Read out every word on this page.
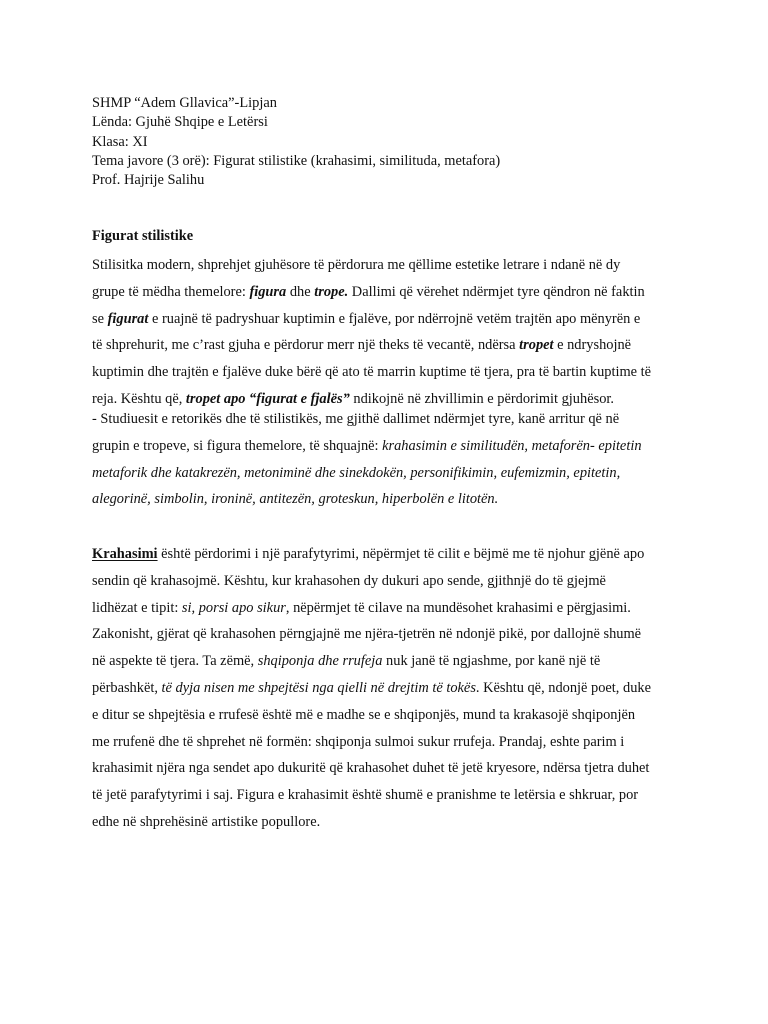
SHMP “Adem Gllavica”-Lipjan
Lënda: Gjuhë Shqipe e Letërsi
Klasa: XI
Tema javore (3 orë): Figurat stilistike (krahasimi, similituda, metafora)
Prof. Hajrije Salihu
Figurat stilistike
Stilisitka modern, shprehjet gjuhësore të përdorura me qëllime estetike letrare i ndanë në dy
grupe të mëdha themelore: figura dhe trope. Dallimi që vërehet ndërmjet tyre qëndron në faktin
se figurat e ruajnë të padryshuar kuptimin e fjalëve, por ndërrojnë vetëm trajtën apo mënyrën e
të shprehurit, me c’rast gjuha e përdorur merr një theks të vecantë, ndërsa tropet e ndryshojnë
kuptimin dhe trajtën e fjalëve duke bërë që ato të marrin kuptime të tjera, pra të bartin kuptime të
reja. Kështu që, tropet apo “figurat e fjalës” ndikojnë në zhvillimin e përdorimit gjuhësor.
- Studiuesit e retorikës dhe të stilistikës, me gjithë dallimet ndërmjet tyre, kanë arritur që në
grupin e tropeve, si figura themelore, të shquajnë: krahasimin e similitudën, metaforën- epitetin
metaforik dhe katakrezën, metoniminë dhe sinekdokën, personifikimin, eufemizmin, epitetin,
alegorinë, simbolin, ironinë, antitezën, groteskun, hiperbolën e litotën.
Krahasimi është përdorimi i një parafytyrimi, nëpërmjet të cilit e bëjmë me të njohur gjënë apo
sendin që krahasojmë. Kështu, kur krahasohen dy dukuri apo sende, gjithnjë do të gjejmë
lidhëzat e tipit: si, porsi apo sikur, nëpërmjet të cilave na mundësohet krahasimi e përgjasimi.
Zakonisht, gjërat që krahasohen përngjajnë me njëra-tjetrën në ndonjë pikë, por dallojnë shumë
në aspekte të tjera. Ta zëmë, shqiponja dhe rrufeja nuk janë të ngjashme, por kanë një të
përbashkët, të dyja nisen me shpejtësi nga qielli në drejtim të tokës. Kështu që, ndonjë poet, duke
e ditur se shpejtësia e rrufesë është më e madhe se e shqiponjës, mund ta krakasojë shqiponjën
me rrufenë dhe të shprehet në formën: shqiponja sulmoi sukur rrufeja. Prandaj, eshte parim i
krahasimit njëra nga sendet apo dukuritë që krahasohet duhet të jetë kryesore, ndërsa tjetra duhet
të jetë parafytyrimi i saj. Figura e krahasimit është shumë e pranishme te letërsia e shkruar, por
edhe në shprehësinë artistike popullore.
